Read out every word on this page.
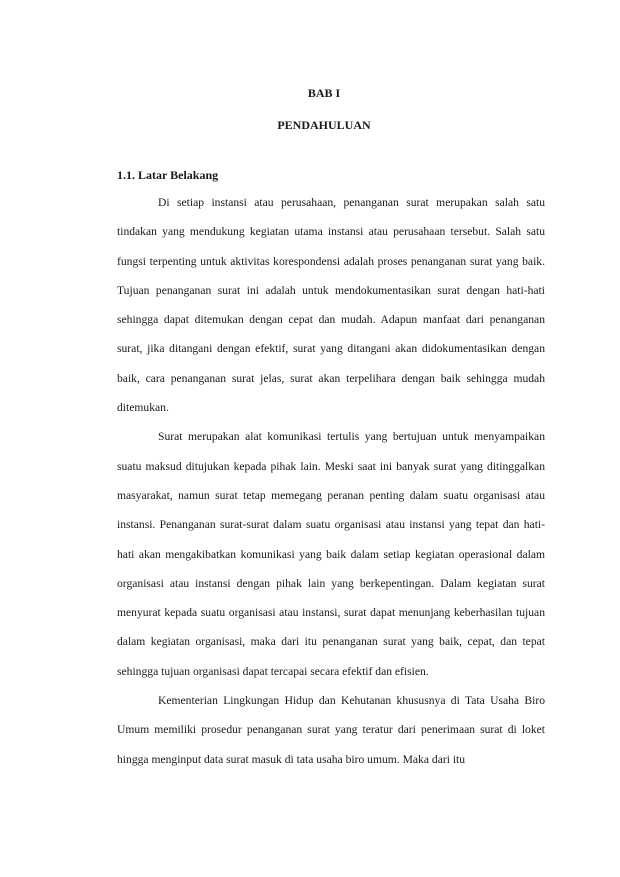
BAB I
PENDAHULUAN
1.1. Latar Belakang

Di setiap instansi atau perusahaan, penanganan surat merupakan salah satu tindakan yang mendukung kegiatan utama instansi atau perusahaan tersebut. Salah satu fungsi terpenting untuk aktivitas korespondensi adalah proses penanganan surat yang baik. Tujuan penanganan surat ini adalah untuk mendokumentasikan surat dengan hati-hati sehingga dapat ditemukan dengan cepat dan mudah. Adapun manfaat dari penanganan surat, jika ditangani dengan efektif, surat yang ditangani akan didokumentasikan dengan baik, cara penanganan surat jelas, surat akan terpelihara dengan baik sehingga mudah ditemukan.

Surat merupakan alat komunikasi tertulis yang bertujuan untuk menyampaikan suatu maksud ditujukan kepada pihak lain. Meski saat ini banyak surat yang ditinggalkan masyarakat, namun surat tetap memegang peranan penting dalam suatu organisasi atau instansi. Penanganan surat-surat dalam suatu organisasi atau instansi yang tepat dan hati-hati akan mengakibatkan komunikasi yang baik dalam setiap kegiatan operasional dalam organisasi atau instansi dengan pihak lain yang berkepentingan. Dalam kegiatan surat menyurat kepada suatu organisasi atau instansi, surat dapat menunjang keberhasilan tujuan dalam kegiatan organisasi, maka dari itu penanganan surat yang baik, cepat, dan tepat sehingga tujuan organisasi dapat tercapai secara efektif dan efisien.

Kementerian Lingkungan Hidup dan Kehutanan khususnya di Tata Usaha Biro Umum memiliki prosedur penanganan surat yang teratur dari penerimaan surat di loket hingga menginput data surat masuk di tata usaha biro umum. Maka dari itu
